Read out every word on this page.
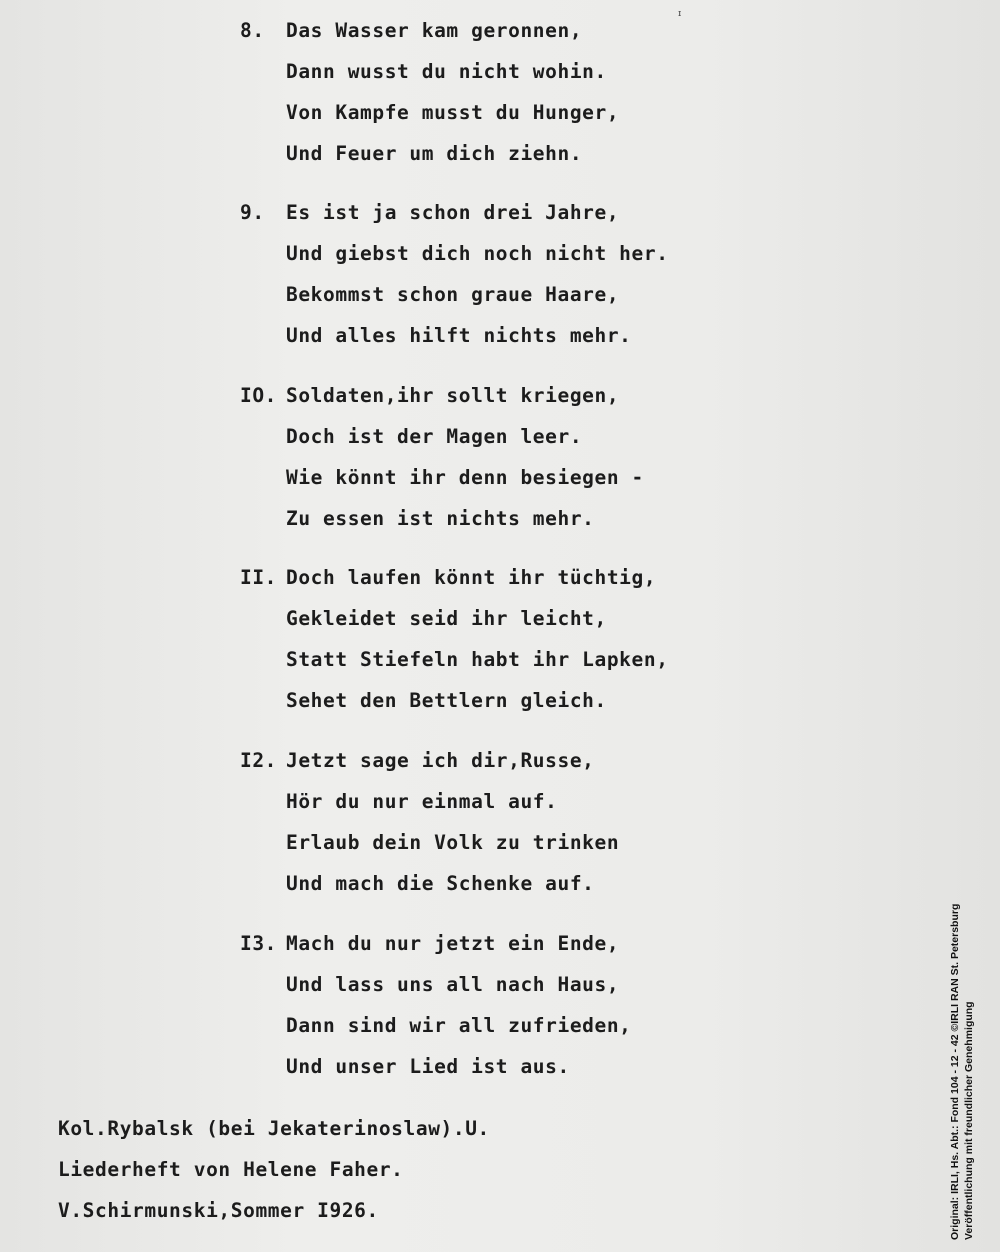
ᶦ
8. Das Wasser kam geronnen,
Dann wusst du nicht wohin.
Von Kampfe musst du Hunger,
Und Feuer um dich ziehn.
9. Es ist ja schon drei Jahre,
Und giebst dich noch nicht her.
Bekommst schon graue Haare,
Und alles hilft nichts mehr.
IO. Soldaten,ihr sollt kriegen,
Doch ist der Magen leer.
Wie könnt ihr denn besiegen -
Zu essen ist nichts mehr.
II. Doch laufen könnt ihr tüchtig,
Gekleidet seid ihr leicht,
Statt Stiefeln habt ihr Lapken,
Sehet den Bettlern gleich.
I2. Jetzt sage ich dir,Russe,
Hör du nur einmal auf.
Erlaub dein Volk zu trinken
Und mach die Schenke auf.
I3. Mach du nur jetzt ein Ende,
Und lass uns all nach Haus,
Dann sind wir all zufrieden,
Und unser Lied ist aus.
Kol.Rybalsk (bei Jekaterinoslaw).U.
Liederheft von Helene Faher.
V.Schirmunski,Sommer I926.	Original: IRLI, Hs. Abt.: Fond 104 - 12 - 42 ©IRLI RAN St. Petersburg Veröffentlichung mit freundlicher Genehmigung
